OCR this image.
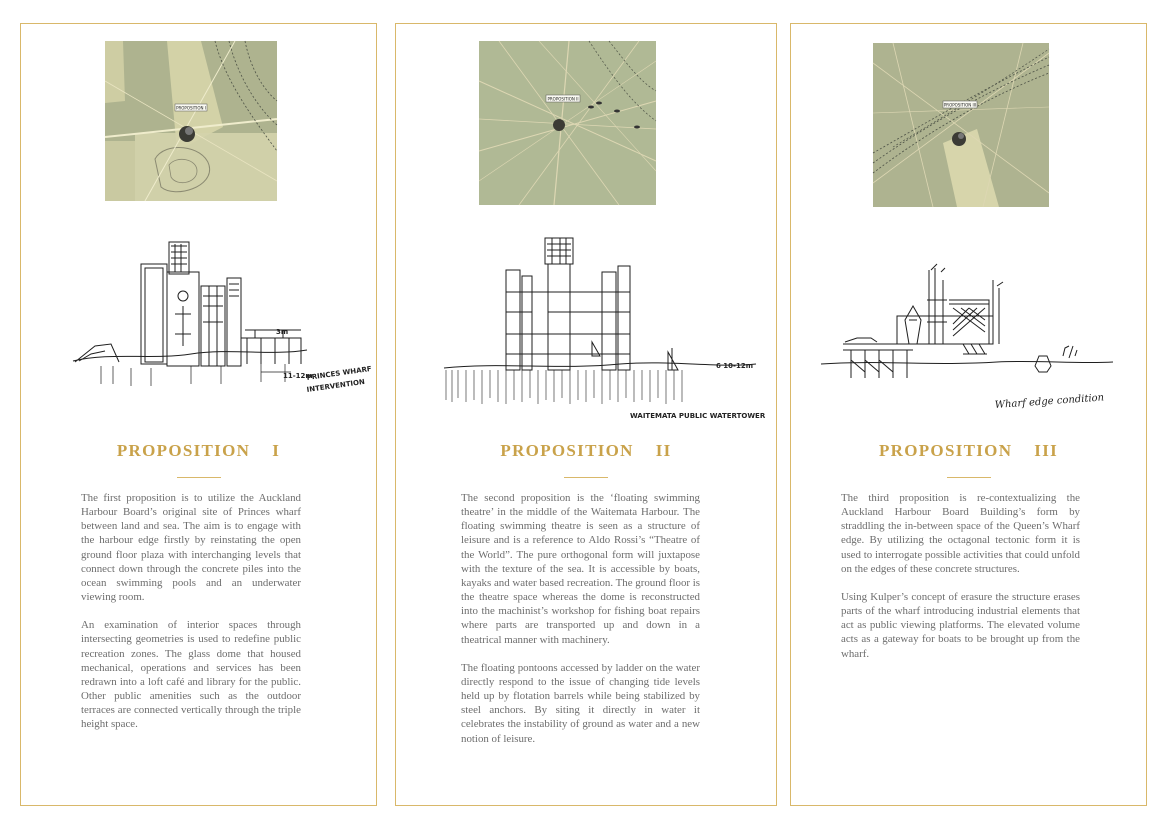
PROPOSITION I
11-12m
3m
PRINCES WHARF
INTERVENTION
PROPOSITION I

The first proposition is to utilize the Auckland Harbour Board’s original site of Princes wharf between land and sea. The aim is to engage with the harbour edge firstly by reinstating the open ground floor plaza with interchanging levels that connect down through the concrete piles into the ocean swimming pools and an underwater viewing room.

An examination of interior spaces through intersecting geometries is used to redefine public recreation zones. The glass dome that housed mechanical, operations and services has been redrawn into a loft café and library for the public. Other public amenities such as the outdoor terraces are connected vertically through the triple height space.

PROPOSITION II
6 10-12m
WAITEMATA PUBLIC WATERTOWER
PROPOSITION II

The second proposition is the ‘floating swimming theatre’ in the middle of the Waitemata Harbour. The floating swimming theatre is seen as a structure of leisure and is a reference to Aldo Rossi’s “Theatre of the World”. The pure orthogonal form will juxtapose with the texture of the sea. It is accessible by boats, kayaks and water based recreation. The ground floor is the theatre space whereas the dome is reconstructed into the machinist’s workshop for fishing boat repairs where parts are transported up and down in a theatrical manner with machinery.

The floating pontoons accessed by ladder on the water directly respond to the issue of changing tide levels held up by flotation barrels while being stabilized by steel anchors. By siting it directly in water it celebrates the instability of ground as water and a new notion of leisure.

PROPOSITION III
Wharf edge condition
PROPOSITION III

The third proposition is re-contextualizing the Auckland Harbour Board Building’s form by straddling the in-between space of the Queen’s Wharf edge. By utilizing the octagonal tectonic form it is used to interrogate possible activities that could unfold on the edges of these concrete structures.

Using Kulper’s concept of erasure the structure erases parts of the wharf introducing industrial elements that act as public viewing platforms. The elevated volume acts as a gateway for boats to be brought up from the wharf.
